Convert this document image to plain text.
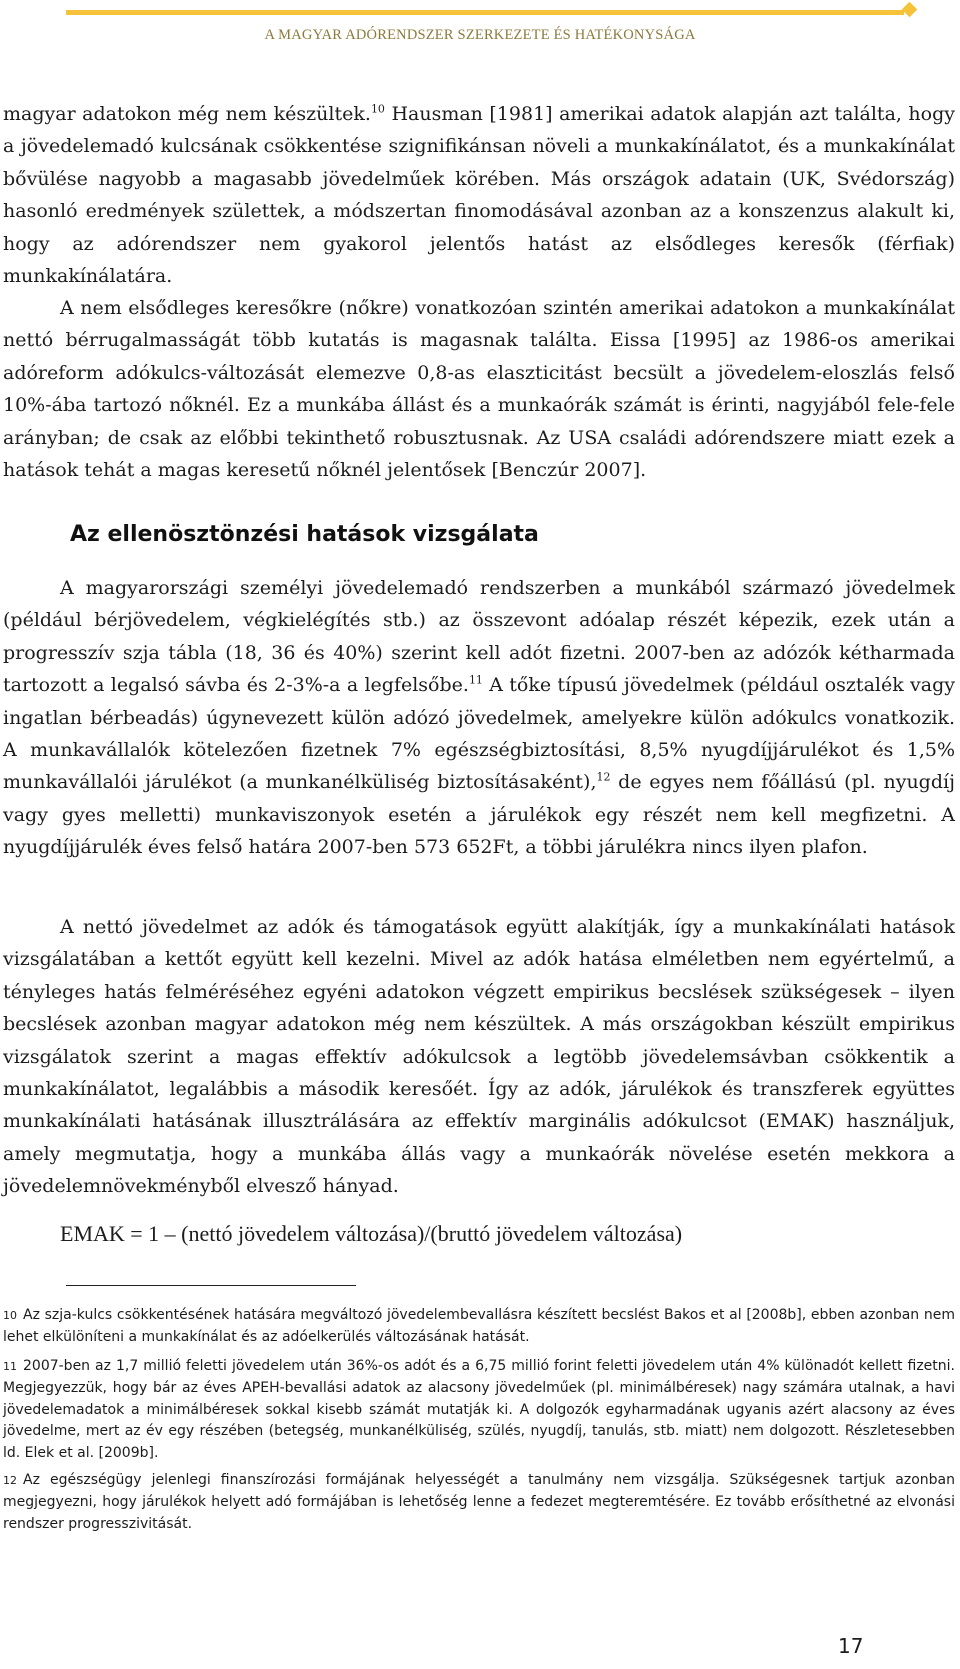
A MAGYAR ADÓRENDSZER SZERKEZETE ÉS HATÉKONYSÁGA

magyar adatokon még nem készültek.$^{10}$ Hausman [1981] amerikai adatok alapján azt találta, hogy a jövedelemadó kulcsának csökkentése szignifikánsan növeli a munkakínálatot, és a munkakínálat bővülése nagyobb a magasabb jövedelműek körében. Más országok adatain (UK, Svédország) hasonló eredmények születtek, a módszertan finomodásával azonban az a konszenzus alakult ki, hogy az adórendszer nem gyakorol jelentős hatást az elsődleges keresők (férfiak) munkakínálatára.

A nem elsődleges keresőkre (nőkre) vonatkozóan szintén amerikai adatokon a munkakínálat nettó bérrugalmasságát több kutatás is magasnak találta. Eissa [1995] az 1986-os amerikai adóreform adókulcs-változását elemezve 0,8-as elaszticitást becsült a jövedelem-eloszlás felső 10%-ába tartozó nőknél. Ez a munkába állást és a munkaórák számát is érinti, nagyjából fele-fele arányban; de csak az előbbi tekinthető robusztusnak. Az USA családi adórendszere miatt ezek a hatások tehát a magas keresetű nőknél jelentősek [Benczúr 2007].

Az ellenösztönzési hatások vizsgálata

A magyarországi személyi jövedelemadó rendszerben a munkából származó jövedelmek (például bérjövedelem, végkielégítés stb.) az összevont adóalap részét képezik, ezek után a progresszív szja tábla (18, 36 és 40%) szerint kell adót fizetni. 2007-ben az adózók kétharmada tartozott a legalsó sávba és 2-3%-a a legfelsőbe.$^{11}$ A tőke típusú jövedelmek (például osztalék vagy ingatlan bérbeadás) úgynevezett külön adózó jövedelmek, amelyekre külön adókulcs vonatkozik. A munkavállalók kötelezően fizetnek 7% egészségbiztosítási, 8,5% nyugdíjjárulékot és 1,5% munkavállalói járulékot (a munkanélküliség biztosításaként),$^{12}$ de egyes nem főállású (pl. nyugdíj vagy gyes melletti) munkaviszonyok esetén a járulékok egy részét nem kell megfizetni. A nyugdíjjárulék éves felső határa 2007-ben 573 652Ft, a többi járulékra nincs ilyen plafon.

A nettó jövedelmet az adók és támogatások együtt alakítják, így a munkakínálati hatások vizsgálatában a kettőt együtt kell kezelni. Mivel az adók hatása elméletben nem egyértelmű, a tényleges hatás felméréséhez egyéni adatokon végzett empirikus becslések szükségesek – ilyen becslések azonban magyar adatokon még nem készültek. A más országokban készült empirikus vizsgálatok szerint a magas effektív adókulcsok a legtöbb jövedelemsávban csökkentik a munkakínálatot, legalábbis a második keresőét. Így az adók, járulékok és transzferek együttes munkakínálati hatásának illusztrálására az effektív marginális adókulcsot (EMAK) használjuk, amely megmutatja, hogy a munkába állás vagy a munkaórák növelése esetén mekkora a jövedelemnövekményből elvesző hányad.

EMAK = 1 – (nettó jövedelem változása)/(bruttó jövedelem változása)

$^{10}$ Az szja-kulcs csökkentésének hatására megváltozó jövedelembevallásra készített becslést Bakos et al [2008b], ebben azonban nem lehet elkülöníteni a munkakínálat és az adóelkerülés változásának hatását.

$^{11}$ 2007-ben az 1,7 millió feletti jövedelem után 36%-os adót és a 6,75 millió forint feletti jövedelem után 4% különadót kellett fizetni. Megjegyezzük, hogy bár az éves APEH-bevallási adatok az alacsony jövedelműek (pl. minimálbéresek) nagy számára utalnak, a havi jövedelemadatok a minimálbéresek sokkal kisebb számát mutatják ki. A dolgozók egyharmadának ugyanis azért alacsony az éves jövedelme, mert az év egy részében (betegség, munkanélküliség, szülés, nyugdíj, tanulás, stb. miatt) nem dolgozott. Részletesebben ld. Elek et al. [2009b].

$^{12}$ Az egészségügy jelenlegi finanszírozási formájának helyességét a tanulmány nem vizsgálja. Szükségesnek tartjuk azonban megjegyezni, hogy járulékok helyett adó formájában is lehetőség lenne a fedezet megteremtésére. Ez tovább erősíthetné az elvonási rendszer progresszivitását.

17
